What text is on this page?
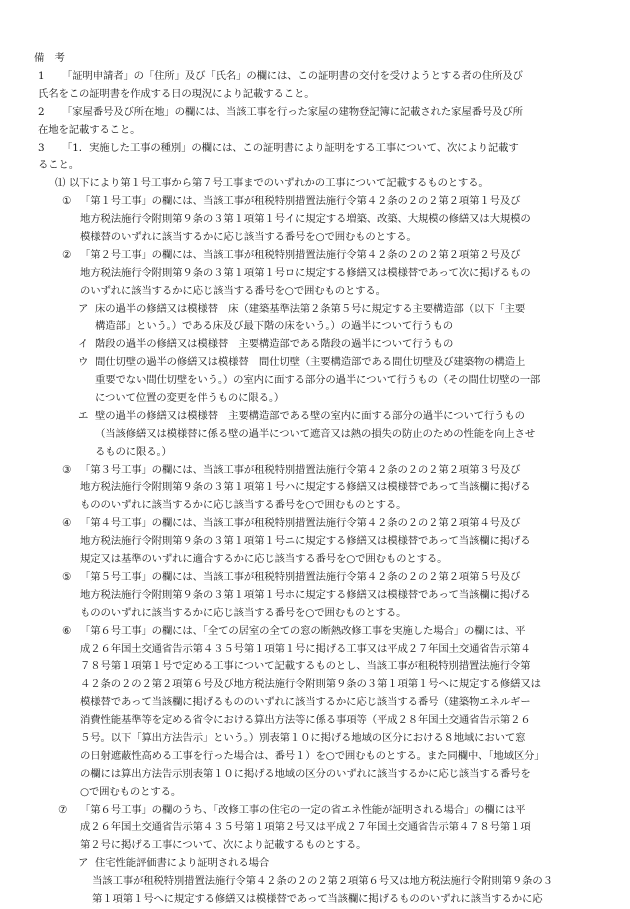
備　考
1 「証明申請者」の「住所」及び「氏名」の欄には、この証明書の交付を受けようとする者の住所及び
氏名をこの証明書を作成する日の現況により記載すること。
2 「家屋番号及び所在地」の欄には、当該工事を行った家屋の建物登記簿に記載された家屋番号及び所
在地を記載すること。
3 「1．実施した工事の種別」の欄には、この証明書により証明をする工事について、次により記載す
ること。
⑴ 以下により第１号工事から第７号工事までのいずれかの工事について記載するものとする。
① 「第１号工事」の欄には、当該工事が租税特別措置法施行令第４２条の２の２第２項第１号及び
地方税法施行令附則第９条の３第１項第１号イに規定する増築、改築、大規模の修繕又は大規模の
模様替のいずれに該当するかに応じ該当する番号を○で囲むものとする。
② 「第２号工事」の欄には、当該工事が租税特別措置法施行令第４２条の２の２第２項第２号及び
地方税法施行令附則第９条の３第１項第１号ロに規定する修繕又は模様替であって次に掲げるもの
のいずれに該当するかに応じ該当する番号を○で囲むものとする。
ア 床の過半の修繕又は模様替　床（建築基準法第２条第５号に規定する主要構造部（以下「主要
構造部」という。）である床及び最下階の床をいう。）の過半について行うもの
イ 階段の過半の修繕又は模様替　主要構造部である階段の過半について行うもの
ウ 間仕切壁の過半の修繕又は模様替　間仕切壁（主要構造部である間仕切壁及び建築物の構造上
重要でない間仕切壁をいう。）の室内に面する部分の過半について行うもの（その間仕切壁の一部
について位置の変更を伴うものに限る。）
エ 壁の過半の修繕又は模様替　主要構造部である壁の室内に面する部分の過半について行うもの
（当該修繕又は模様替に係る壁の過半について遮音又は熱の損失の防止のための性能を向上させ
るものに限る。）
③ 「第３号工事」の欄には、当該工事が租税特別措置法施行令第４２条の２の２第２項第３号及び
地方税法施行令附則第９条の３第１項第１号ハに規定する修繕又は模様替であって当該欄に掲げる
もののいずれに該当するかに応じ該当する番号を○で囲むものとする。
④ 「第４号工事」の欄には、当該工事が租税特別措置法施行令第４２条の２の２第２項第４号及び
地方税法施行令附則第９条の３第１項第１号ニに規定する修繕又は模様替であって当該欄に掲げる
規定又は基準のいずれに適合するかに応じ該当する番号を○で囲むものとする。
⑤ 「第５号工事」の欄には、当該工事が租税特別措置法施行令第４２条の２の２第２項第５号及び
地方税法施行令附則第９条の３第１項第１号ホに規定する修繕又は模様替であって当該欄に掲げる
もののいずれに該当するかに応じ該当する番号を○で囲むものとする。
⑥ 「第６号工事」の欄には、「全ての居室の全ての窓の断熱改修工事を実施した場合」の欄には、平
成２６年国土交通省告示第４３５号第１項第１号に掲げる工事又は平成２７年国土交通省告示第４
７８号第１項第１号で定める工事について記載するものとし、当該工事が租税特別措置法施行令第
４２条の２の２第２項第６号及び地方税法施行令附則第９条の３第１項第１号へに規定する修繕又は
模様替であって当該欄に掲げるもののいずれに該当するかに応じ該当する番号（建築物エネルギー
消費性能基準等を定める省令における算出方法等に係る事項等（平成２８年国土交通省告示第２６
５号。以下「算出方法告示」という。）別表第１０に掲げる地域の区分における８地域において窓
の日射遮蔽性高める工事を行った場合は、番号１）を○で囲むものとする。また同欄中、「地域区分」
の欄には算出方法告示別表第１０に掲げる地域の区分のいずれに該当するかに応じ該当する番号を
○で囲むものとする。
⑦ 「第６号工事」の欄のうち、「改修工事の住宅の一定の省エネ性能が証明される場合」の欄には平
成２６年国土交通省告示第４３５号第１項第２号又は平成２７年国土交通省告示第４７８号第１項
第２号に掲げる工事について、次により記載するものとする。
ア 住宅性能評価書により証明される場合
当該工事が租税特別措置法施行令第４２条の２の２第２項第６号又は地方税法施行令附則第９条の３
第１項第１号へに規定する修繕又は模様替であって当該欄に掲げるもののいずれに該当するかに応
